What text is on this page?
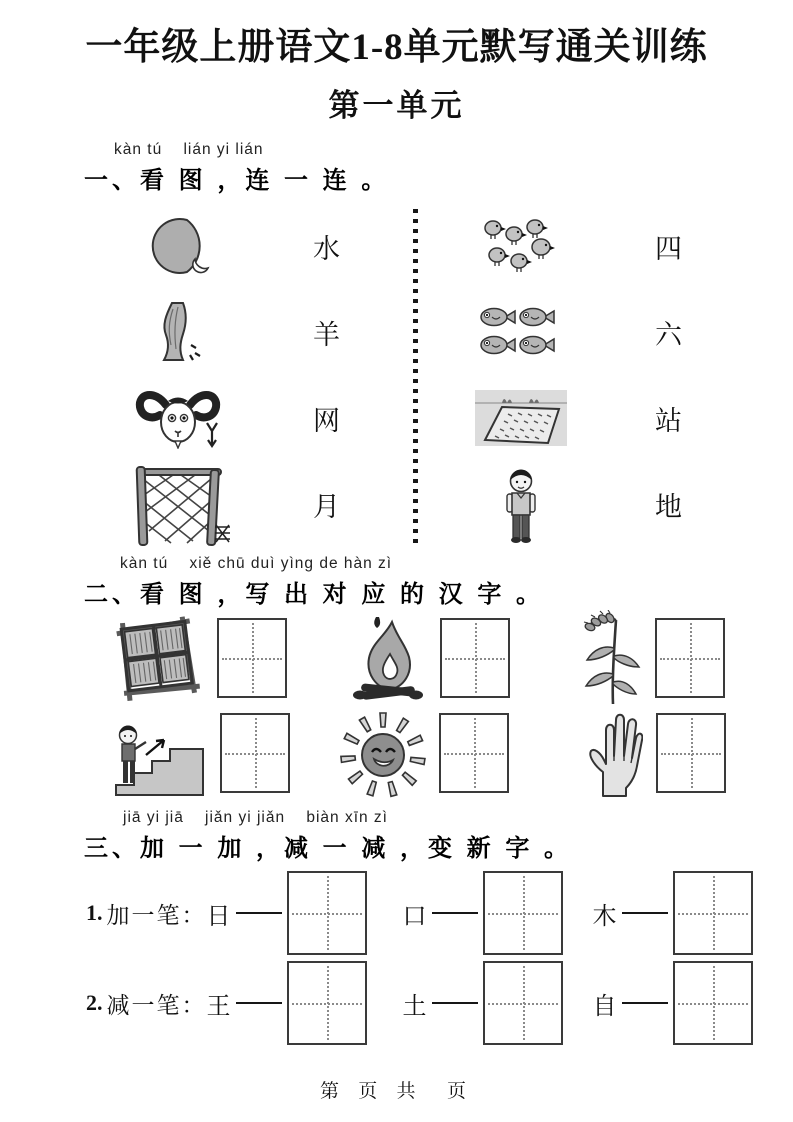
一年级上册语文1-8单元默写通关训练
第一单元
kàn tú    lián yi lián
一、看 图 ，连 一 连 。
水
羊
网
月
四
六
站
地
kàn tú    xiě chū duì yìng de hàn zì
二、看 图 ，写 出 对 应 的 汉 字 。
jiā yi jiā    jiǎn yi jiǎn    biàn xīn zì
三、加 一 加 ，减 一 减 ，变 新 字 。
1. 加一笔： 日	口	木
2. 减一笔： 王	土	自
第 页 共  页
